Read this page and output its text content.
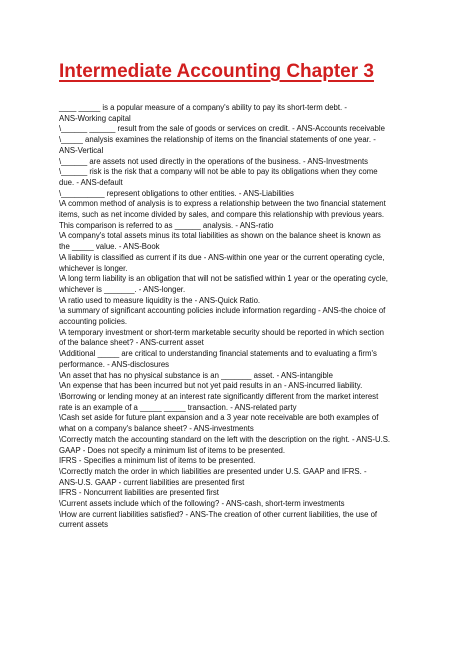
Intermediate Accounting Chapter 3
____ _____ is a popular measure of a company's ability to pay its short-term debt. -
ANS-Working capital
\______ ______ result from the sale of goods or services on credit. - ANS-Accounts receivable
\_____ analysis examines the relationship of items on the financial statements of one year. -
ANS-Vertical
\______ are assets not used directly in the operations of the business. - ANS-Investments
\______ risk is the risk that a company will not be able to pay its obligations when they come
due. - ANS-default
\__________ represent obligations to other entities. - ANS-Liabilities
\A common method of analysis is to express a relationship between the two financial statement
items, such as net income divided by sales, and compare this relationship with previous years.
This comparison is referred to as ______ analysis. - ANS-ratio
\A company's total assets minus its total liabilities as shown on the balance sheet is known as
the _____ value. - ANS-Book
\A liability is classified as current if its due - ANS-within one year or the current operating cycle,
whichever is longer.
\A long term liability is an obligation that will not be satisfied within 1 year or the operating cycle,
whichever is _______. - ANS-longer.
\A ratio used to measure liquidity is the - ANS-Quick Ratio.
\a summary of significant accounting policies include information regarding - ANS-the choice of
accounting policies.
\A temporary investment or short-term marketable security should be reported in which section
of the balance sheet? - ANS-current asset
\Additional _____ are critical to understanding financial statements and to evaluating a firm's
performance. - ANS-disclosures
\An asset that has no physical substance is an _______ asset. - ANS-intangible
\An expense that has been incurred but not yet paid results in an - ANS-incurred liability.
\Borrowing or lending money at an interest rate significantly different from the market interest
rate is an example of a _____ _____ transaction. - ANS-related party
\Cash set aside for future plant expansion and a 3 year note receivable are both examples of
what on a company's balance sheet? - ANS-investments
\Correctly match the accounting standard on the left with the description on the right. - ANS-U.S.
GAAP - Does not specify a minimum list of items to be presented.
IFRS - Specifies a minimum list of items to be presented.
\Correctly match the order in which liabilities are presented under U.S. GAAP and IFRS. -
ANS-U.S. GAAP - current liabilities are presented first
IFRS - Noncurrent liabilities are presented first
\Current assets include which of the following? - ANS-cash, short-term investments
\How are current liabilities satisfied? - ANS-The creation of other current liabilities, the use of
current assets
